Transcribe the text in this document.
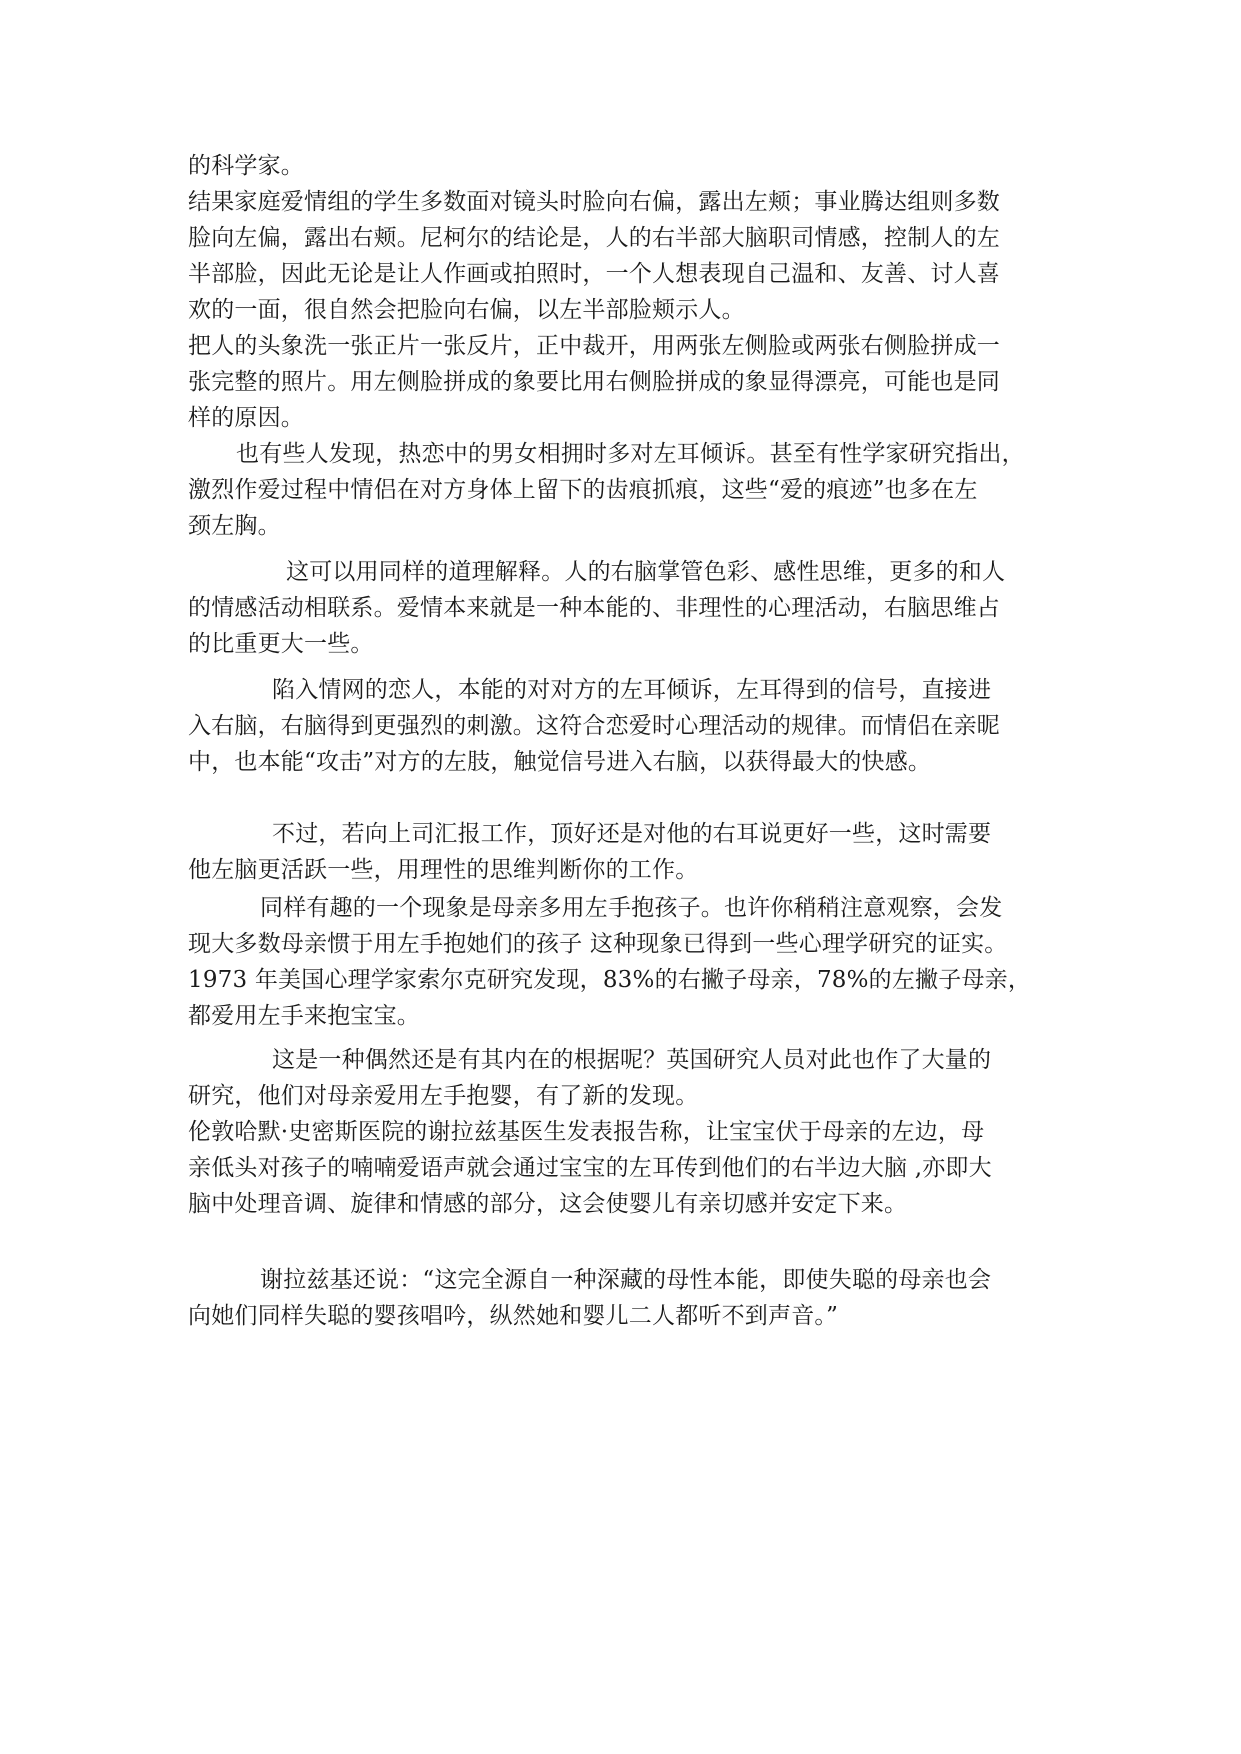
的科学家。
结果家庭爱情组的学生多数面对镜头时脸向右偏，露出左颊；事业腾达组则多数
脸向左偏，露出右颊。尼柯尔的结论是，人的右半部大脑职司情感，控制人的左
半部脸，因此无论是让人作画或拍照时，一个人想表现自己温和、友善、讨人喜
欢的一面，很自然会把脸向右偏，以左半部脸颊示人。
把人的头象洗一张正片一张反片，正中裁开，用两张左侧脸或两张右侧脸拼成一
张完整的照片。用左侧脸拼成的象要比用右侧脸拼成的象显得漂亮，可能也是同
样的原因。
也有些人发现，热恋中的男女相拥时多对左耳倾诉。甚至有性学家研究指出，
激烈作爱过程中情侣在对方身体上留下的齿痕抓痕，这些“爱的痕迹”也多在左
颈左胸。
这可以用同样的道理解释。人的右脑掌管色彩、感性思维，更多的和人
的情感活动相联系。爱情本来就是一种本能的、非理性的心理活动，右脑思维占
的比重更大一些。
陷入情网的恋人，本能的对对方的左耳倾诉，左耳得到的信号，直接进
入右脑，右脑得到更强烈的刺激。这符合恋爱时心理活动的规律。而情侣在亲昵
中，也本能“攻击”对方的左肢，触觉信号进入右脑，以获得最大的快感。
不过，若向上司汇报工作，顶好还是对他的右耳说更好一些，这时需要
他左脑更活跃一些，用理性的思维判断你的工作。
同样有趣的一个现象是母亲多用左手抱孩子。也许你稍稍注意观察，会发
现大多数母亲惯于用左手抱她们的孩子 这种现象已得到一些心理学研究的证实。
1973 年美国心理学家索尔克研究发现，83%的右撇子母亲，78%的左撇子母亲，
都爱用左手来抱宝宝。
这是一种偶然还是有其内在的根据呢？英国研究人员对此也作了大量的
研究，他们对母亲爱用左手抱婴，有了新的发现。
伦敦哈默·史密斯医院的谢拉兹基医生发表报告称，让宝宝伏于母亲的左边，母
亲低头对孩子的喃喃爱语声就会通过宝宝的左耳传到他们的右半边大脑 ,亦即大
脑中处理音调、旋律和情感的部分，这会使婴儿有亲切感并安定下来。
谢拉兹基还说：“这完全源自一种深藏的母性本能，即使失聪的母亲也会
向她们同样失聪的婴孩唱吟，纵然她和婴儿二人都听不到声音。”
